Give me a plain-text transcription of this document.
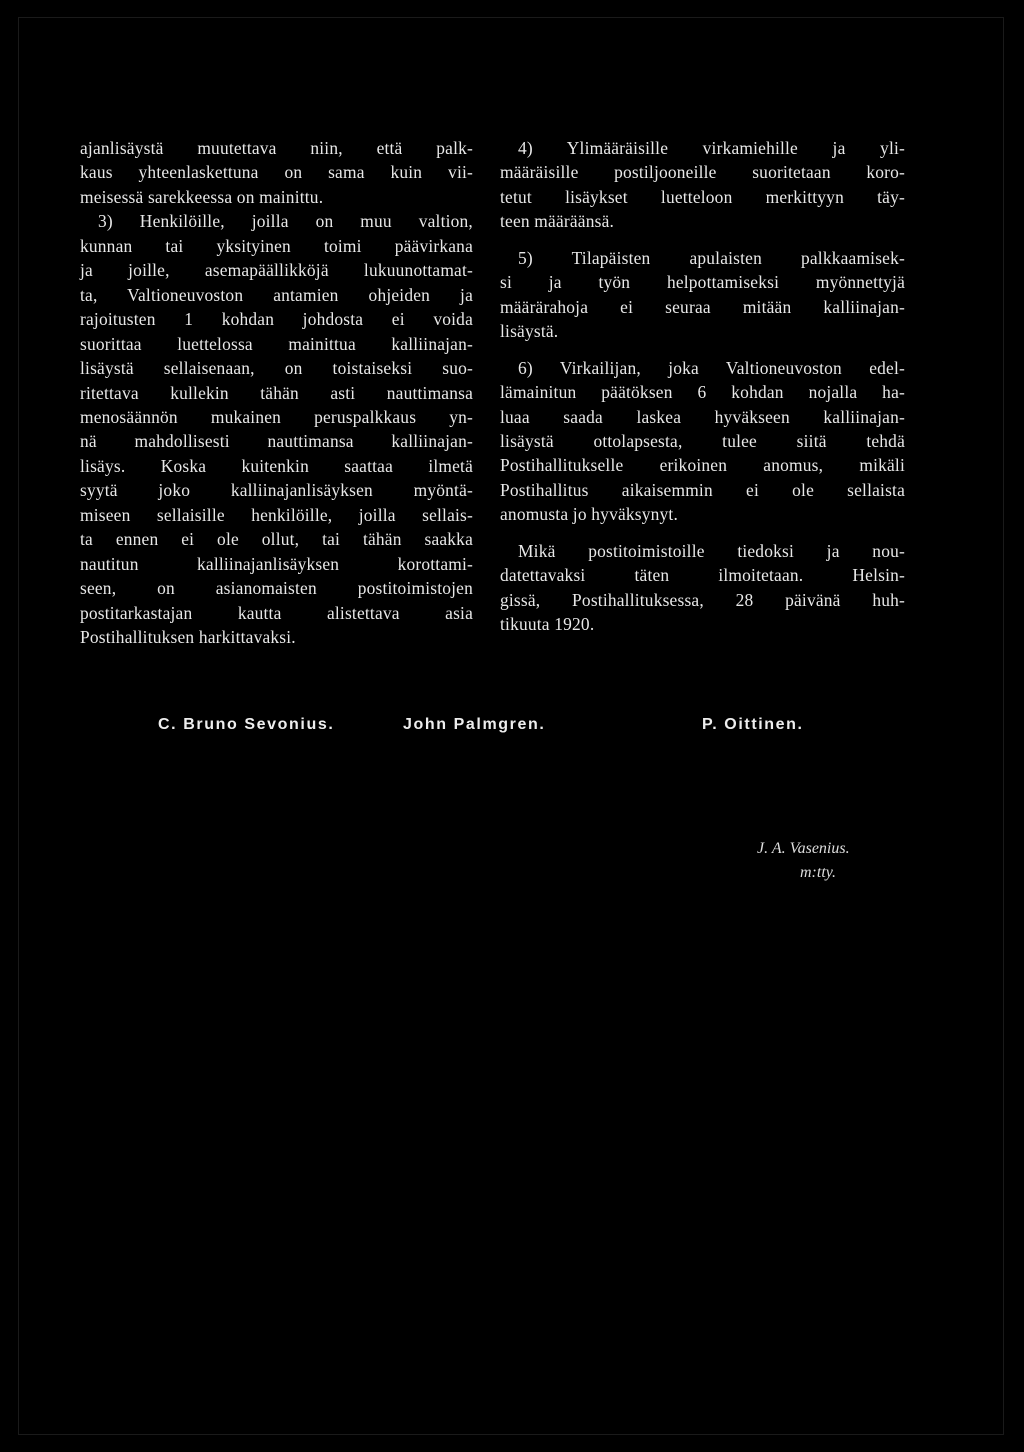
ajanlisäystä muutettava niin, että palk-
kaus yhteenlaskettuna on sama kuin vii-
meisessä sarekkeessa on mainittu.
3) Henkilöille, joilla on muu valtion,
kunnan tai yksityinen toimi päävirkana
ja joille, asemapäällikköjä lukuunottamat-
ta, Valtioneuvoston antamien ohjeiden ja
rajoitusten 1 kohdan johdosta ei voida
suorittaa luettelossa mainittua kalliinajan-
lisäystä sellaisenaan, on toistaiseksi suo-
ritettava kullekin tähän asti nauttimansa
menosäännön mukainen peruspalkkaus yn-
nä mahdollisesti nauttimansa kalliinajan-
lisäys. Koska kuitenkin saattaa ilmetä
syytä joko kalliinajanlisäyksen myöntä-
miseen sellaisille henkilöille, joilla sellais-
ta ennen ei ole ollut, tai tähän saakka
nautitun kalliinajanlisäyksen korottami-
seen, on asianomaisten postitoimistojen
postitarkastajan kautta alistettava asia
Postihallituksen harkittavaksi.
4) Ylimääräisille virkamiehille ja yli-
määräisille postiljooneille suoritetaan koro-
tetut lisäykset luetteloon merkittyyn täy-
teen määräänsä.
5) Tilapäisten apulaisten palkkaamisek-
si ja työn helpottamiseksi myönnettyjä
määrärahoja ei seuraa mitään kalliinajan-
lisäystä.
6) Virkailijan, joka Valtioneuvoston edel-
lämainitun päätöksen 6 kohdan nojalla ha-
luaa saada laskea hyväkseen kalliinajan-
lisäystä ottolapsesta, tulee siitä tehdä
Postihallitukselle erikoinen anomus, mikäli
Postihallitus aikaisemmin ei ole sellaista
anomusta jo hyväksynyt.
Mikä postitoimistoille tiedoksi ja nou-
datettavaksi täten ilmoitetaan. Helsin-
gissä, Postihallituksessa, 28 päivänä huh-
tikuuta 1920.
C. Bruno Sevonius.	John Palmgren.	P. Oittinen.
J. A. Vasenius.
m:tty.
